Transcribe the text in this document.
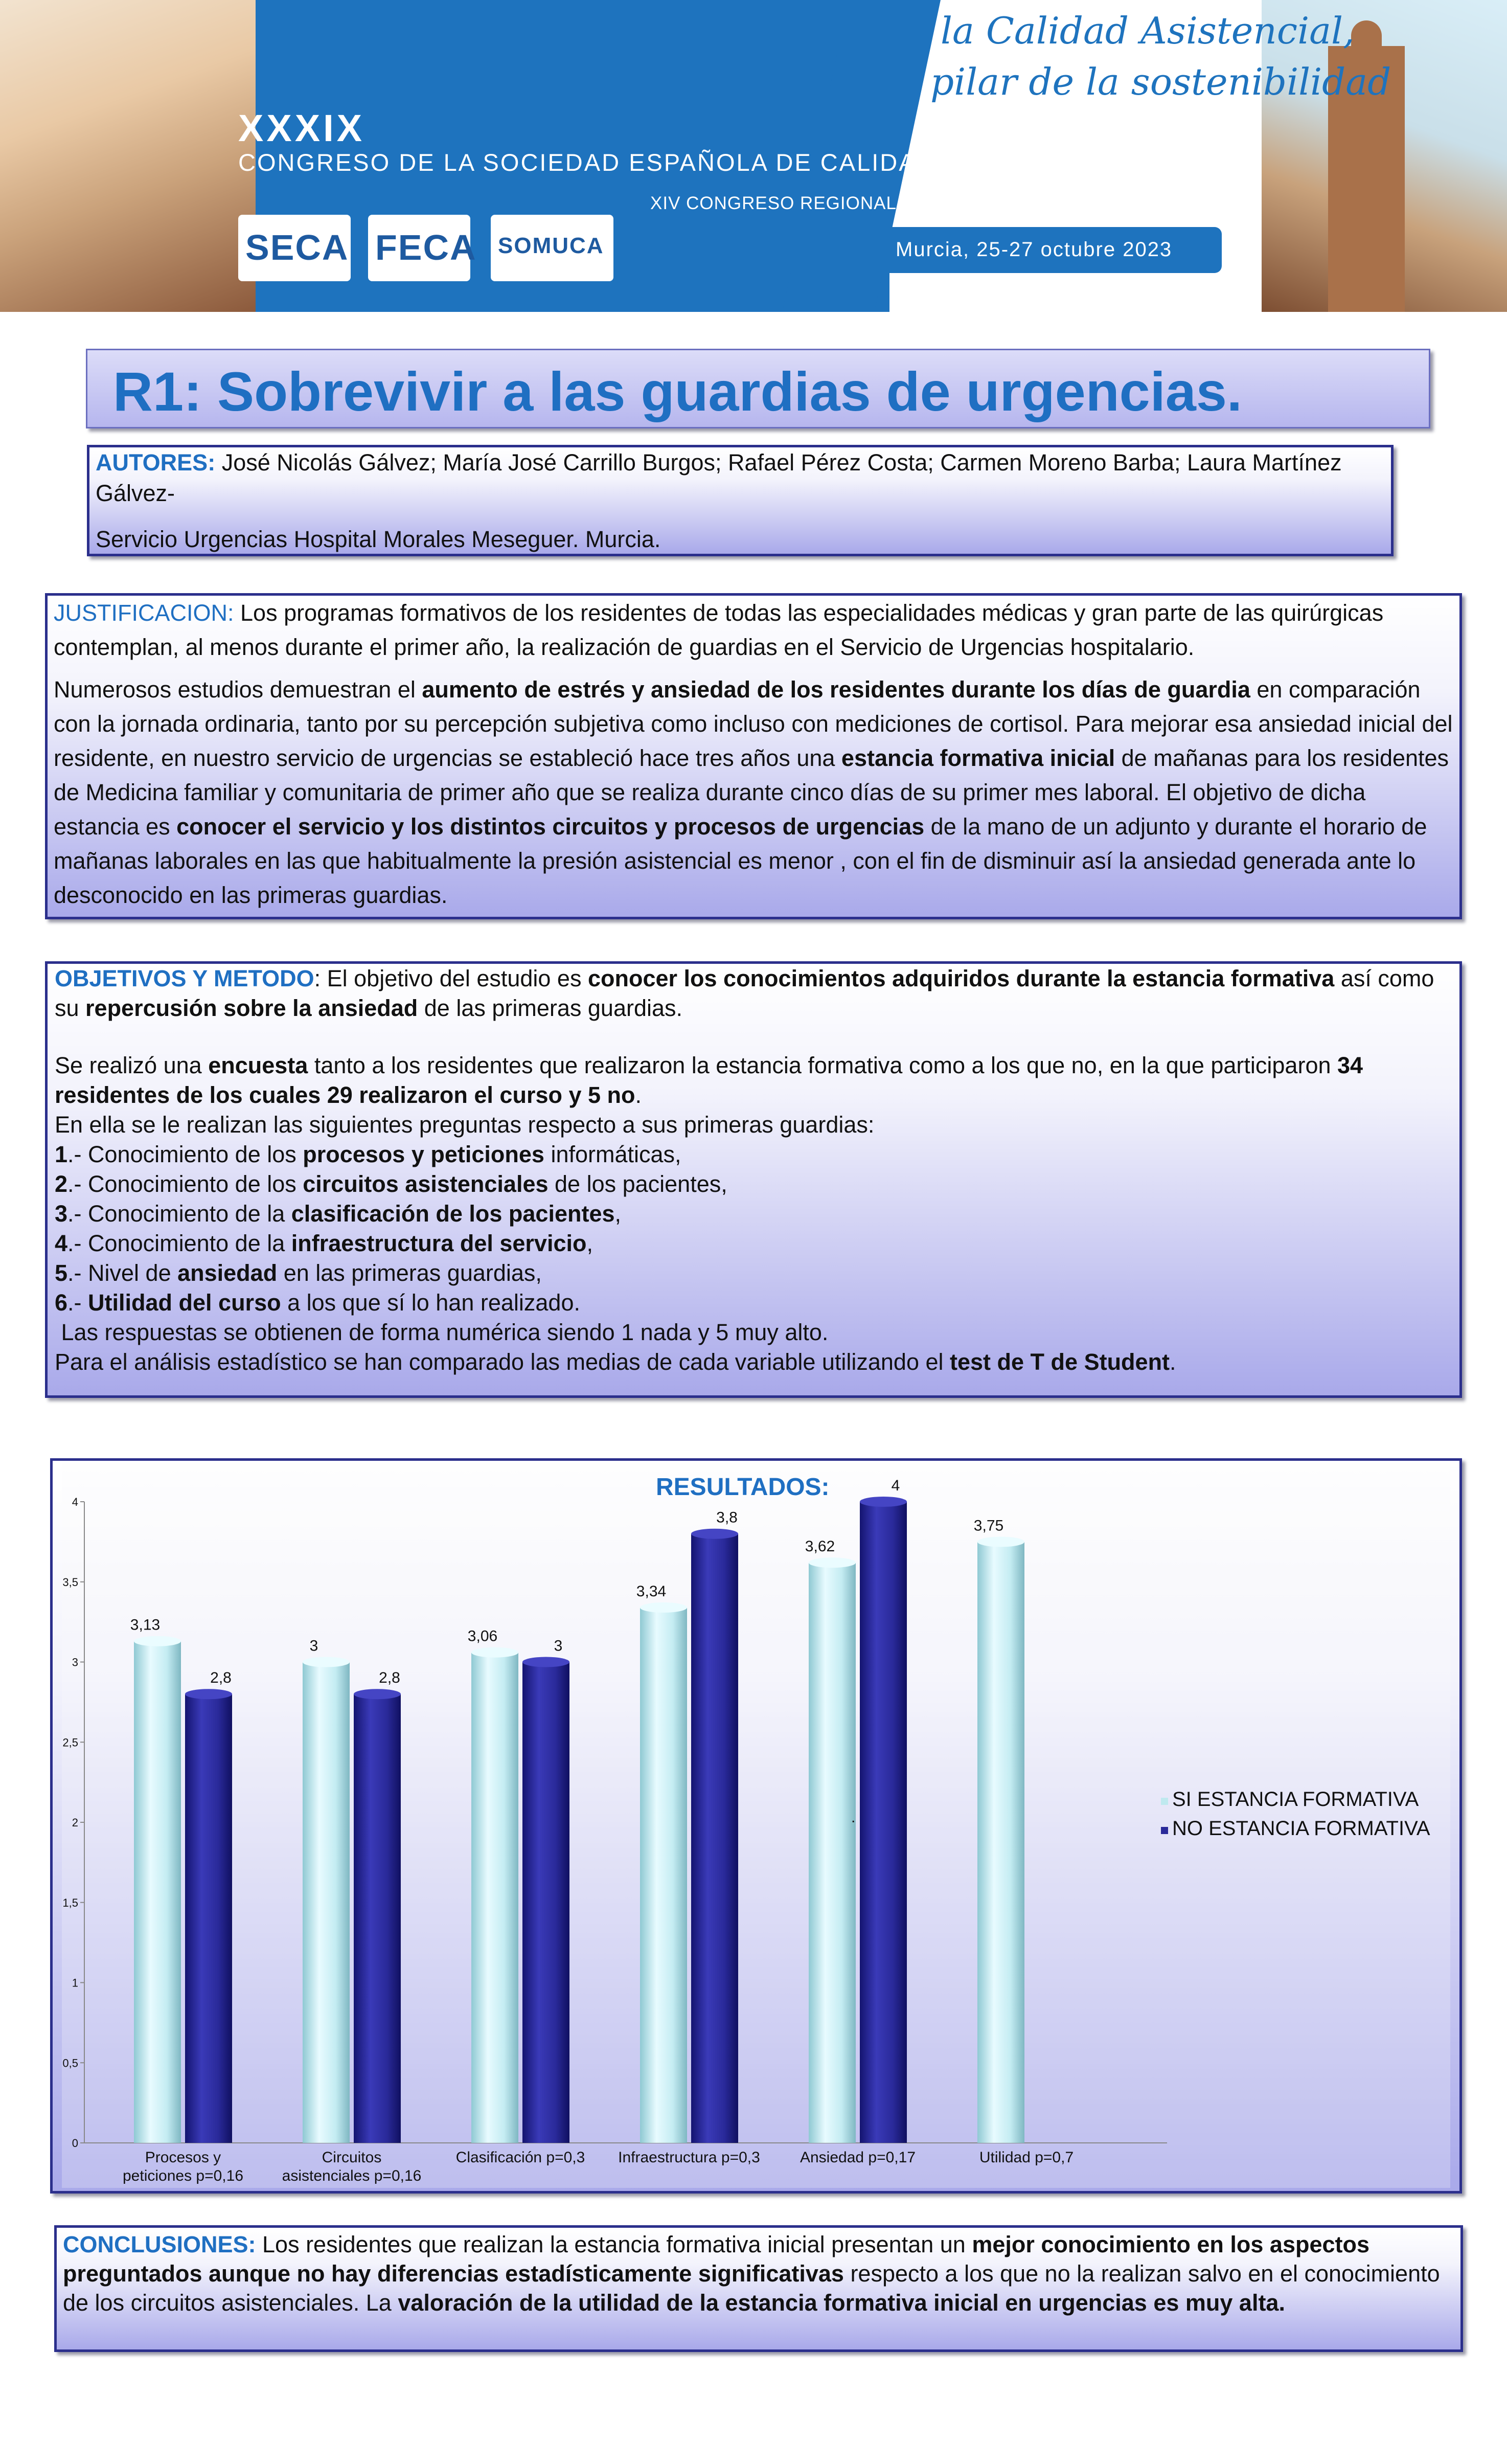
la Calidad Asistencial,
pilar de la sostenibilidad
XXXIX
CONGRESO DE LA SOCIEDAD ESPAÑOLA DE CALIDAD ASISTENCIAL
XIV CONGRESO REGIONAL DE CALIDAD ASISTENCIAL
Murcia, 25-27 octubre 2023
SECA FECA SOMUCA
R1: Sobrevivir a las guardias de urgencias.
AUTORES: José Nicolás Gálvez; María José Carrillo Burgos; Rafael Pérez Costa; Carmen Moreno Barba; Laura Martínez Gálvez-
Servicio Urgencias Hospital Morales Meseguer. Murcia.

JUSTIFICACION: Los programas formativos de los residentes de todas las especialidades médicas y gran parte de las quirúrgicas contemplan, al menos durante el primer año, la realización de guardias en el Servicio de Urgencias hospitalario.

Numerosos estudios demuestran el aumento de estrés y ansiedad de los residentes durante los días de guardia en comparación con la jornada ordinaria, tanto por su percepción subjetiva como incluso con mediciones de cortisol. Para mejorar esa ansiedad inicial del residente, en nuestro servicio de urgencias se estableció hace tres años una estancia formativa inicial de mañanas para los residentes de Medicina familiar y comunitaria de primer año que se realiza durante cinco días de su primer mes laboral. El objetivo de dicha estancia es conocer el servicio y los distintos circuitos y procesos de urgencias de la mano de un adjunto y durante el horario de mañanas laborales en las que habitualmente la presión asistencial es menor , con el fin de disminuir así la ansiedad generada ante lo desconocido en las primeras guardias.

OBJETIVOS Y METODO: El objetivo del estudio es conocer los conocimientos adquiridos durante la estancia formativa así como su repercusión sobre la ansiedad de las primeras guardias.

Se realizó una encuesta tanto a los residentes que realizaron la estancia formativa como a los que no, en la que participaron 34 residentes de los cuales 29 realizaron el curso y 5 no.

En ella se le realizan las siguientes preguntas respecto a sus primeras guardias:

1.- Conocimiento de los procesos y peticiones informáticas,

2.- Conocimiento de los circuitos asistenciales de los pacientes,

3.- Conocimiento de la clasificación de los pacientes,

4.- Conocimiento de la infraestructura del servicio,

5.- Nivel de ansiedad en las primeras guardias,

6.- Utilidad del curso a los que sí lo han realizado.

Las respuestas se obtienen de forma numérica siendo 1 nada y 5 muy alto.

Para el análisis estadístico se han comparado las medias de cada variable utilizando el test de T de Student.

0
0,5
1
1,5
2
2,5
3
3,5
4
3,13
2,8
3
2,8
3,06
3
3,34
3,8
3,62
4
3,75
Procesos y
peticiones p=0,16
Circuitos
asistenciales p=0,16
Clasificación p=0,3 Infraestructura p=0,3	Ansiedad p=0,17	Utilidad p=0,7
RESULTADOS:
.
SI ESTANCIA FORMATIVA
NO ESTANCIA FORMATIVA
CONCLUSIONES: Los residentes que realizan la estancia formativa inicial presentan un mejor conocimiento en los aspectos preguntados aunque no hay diferencias estadísticamente significativas respecto a los que no la realizan salvo en el conocimiento de los circuitos asistenciales. La valoración de la utilidad de la estancia formativa inicial en urgencias es muy alta.
